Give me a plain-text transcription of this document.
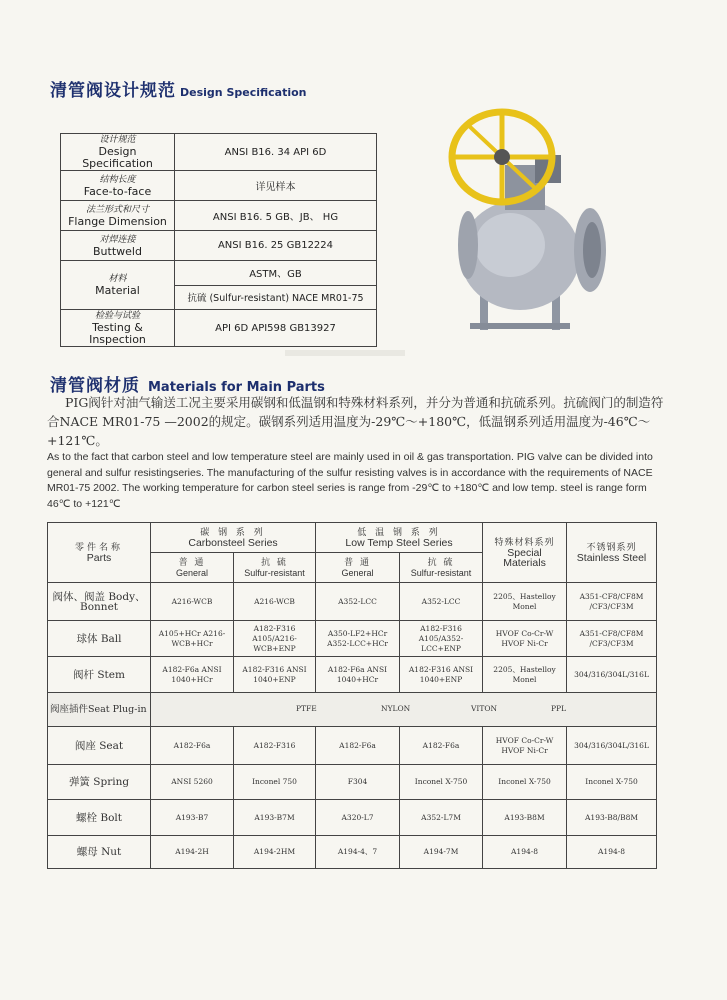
清管阀设计规范 Design Specification
设计规范
Design Specification	ANSI B16. 34 API 6D

结构长度
Face-to-face	详见样本

法兰形式和尺寸
Flange Dimension	ANSI B16. 5 GB、JB、 HG

对焊连接
Buttweld	ANSI B16. 25 GB12224

材料
Material	ASTM、GB
	抗硫 (Sulfur-resistant) NACE MR01-75

检验与试验
Testing & Inspection	API 6D API598 GB13927
清管阀材质 Materials for Main Parts
PIG阀针对油气输送工况主要采用碳钢和低温钢和特殊材料系列，并分为普通和抗硫系列。抗硫阀门的制造符合NACE MR01-75 —2002的规定。碳钢系列适用温度为-29℃～+180℃，低温钢系列适用温度为-46℃～+121℃。
As to the fact that carbon steel and low temperature steel are mainly used in oil & gas transportation. PIG valve can be divided into general and sulfur resistingseries. The manufacturing of the sulfur resisting valves is in accordance with the requirements of NACE MR01-75 2002. The working temperature for carbon steel series is range from -29℃ to +180℃ and low temp. steel is range form 46℃ to +121℃
零件名称
Parts	碳 钢 系 列
Carbonsteel Series		低 温 钢 系 列
Low Temp Steel Series		特殊材料系列
Special Materials	不锈钢系列
Stainless Steel

	普 通
General	抗 硫
Sulfur-resistant	普 通
General	抗 硫
Sulfur-resistant		

阀体、阀盖 Body、Bonnet	A216-WCB	A216-WCB	A352-LCC	A352-LCC	2205、Hastelloy Monel	A351-CF8/CF8M /CF3/CF3M
球体 Ball	A105+HCr A216-WCB+HCr	A182-F316 A105/A216-WCB+ENP	A350-LF2+HCr A352-LCC+HCr	A182-F316 A105/A352-LCC+ENP	HVOF Co-Cr-W HVOF Ni-Cr	A351-CF8/CF8M /CF3/CF3M
阀杆 Stem	A182-F6a ANSI 1040+HCr	A182-F316 ANSI 1040+ENP	A182-F6a ANSI 1040+HCr	A182-F316 ANSI 1040+ENP	2205、Hastelloy Monel	304/316/304L/316L
阀座插件Seat Plug-in	PTFE NYLON VITON PPL					

阀座 Seat	A182-F6a	A182-F316	A182-F6a	A182-F6a	HVOF Co-Cr-W HVOF Ni-Cr	304/316/304L/316L
弹簧 Spring	ANSI 5260	Inconel 750	F304	Inconel X-750	Inconel X-750	Inconel X-750
螺栓 Bolt	A193-B7	A193-B7M	A320-L7	A352-L7M	A193-B8M	A193-B8/B8M
螺母 Nut	A194-2H	A194-2HM	A194-4、7	A194-7M	A194-8	A194-8
